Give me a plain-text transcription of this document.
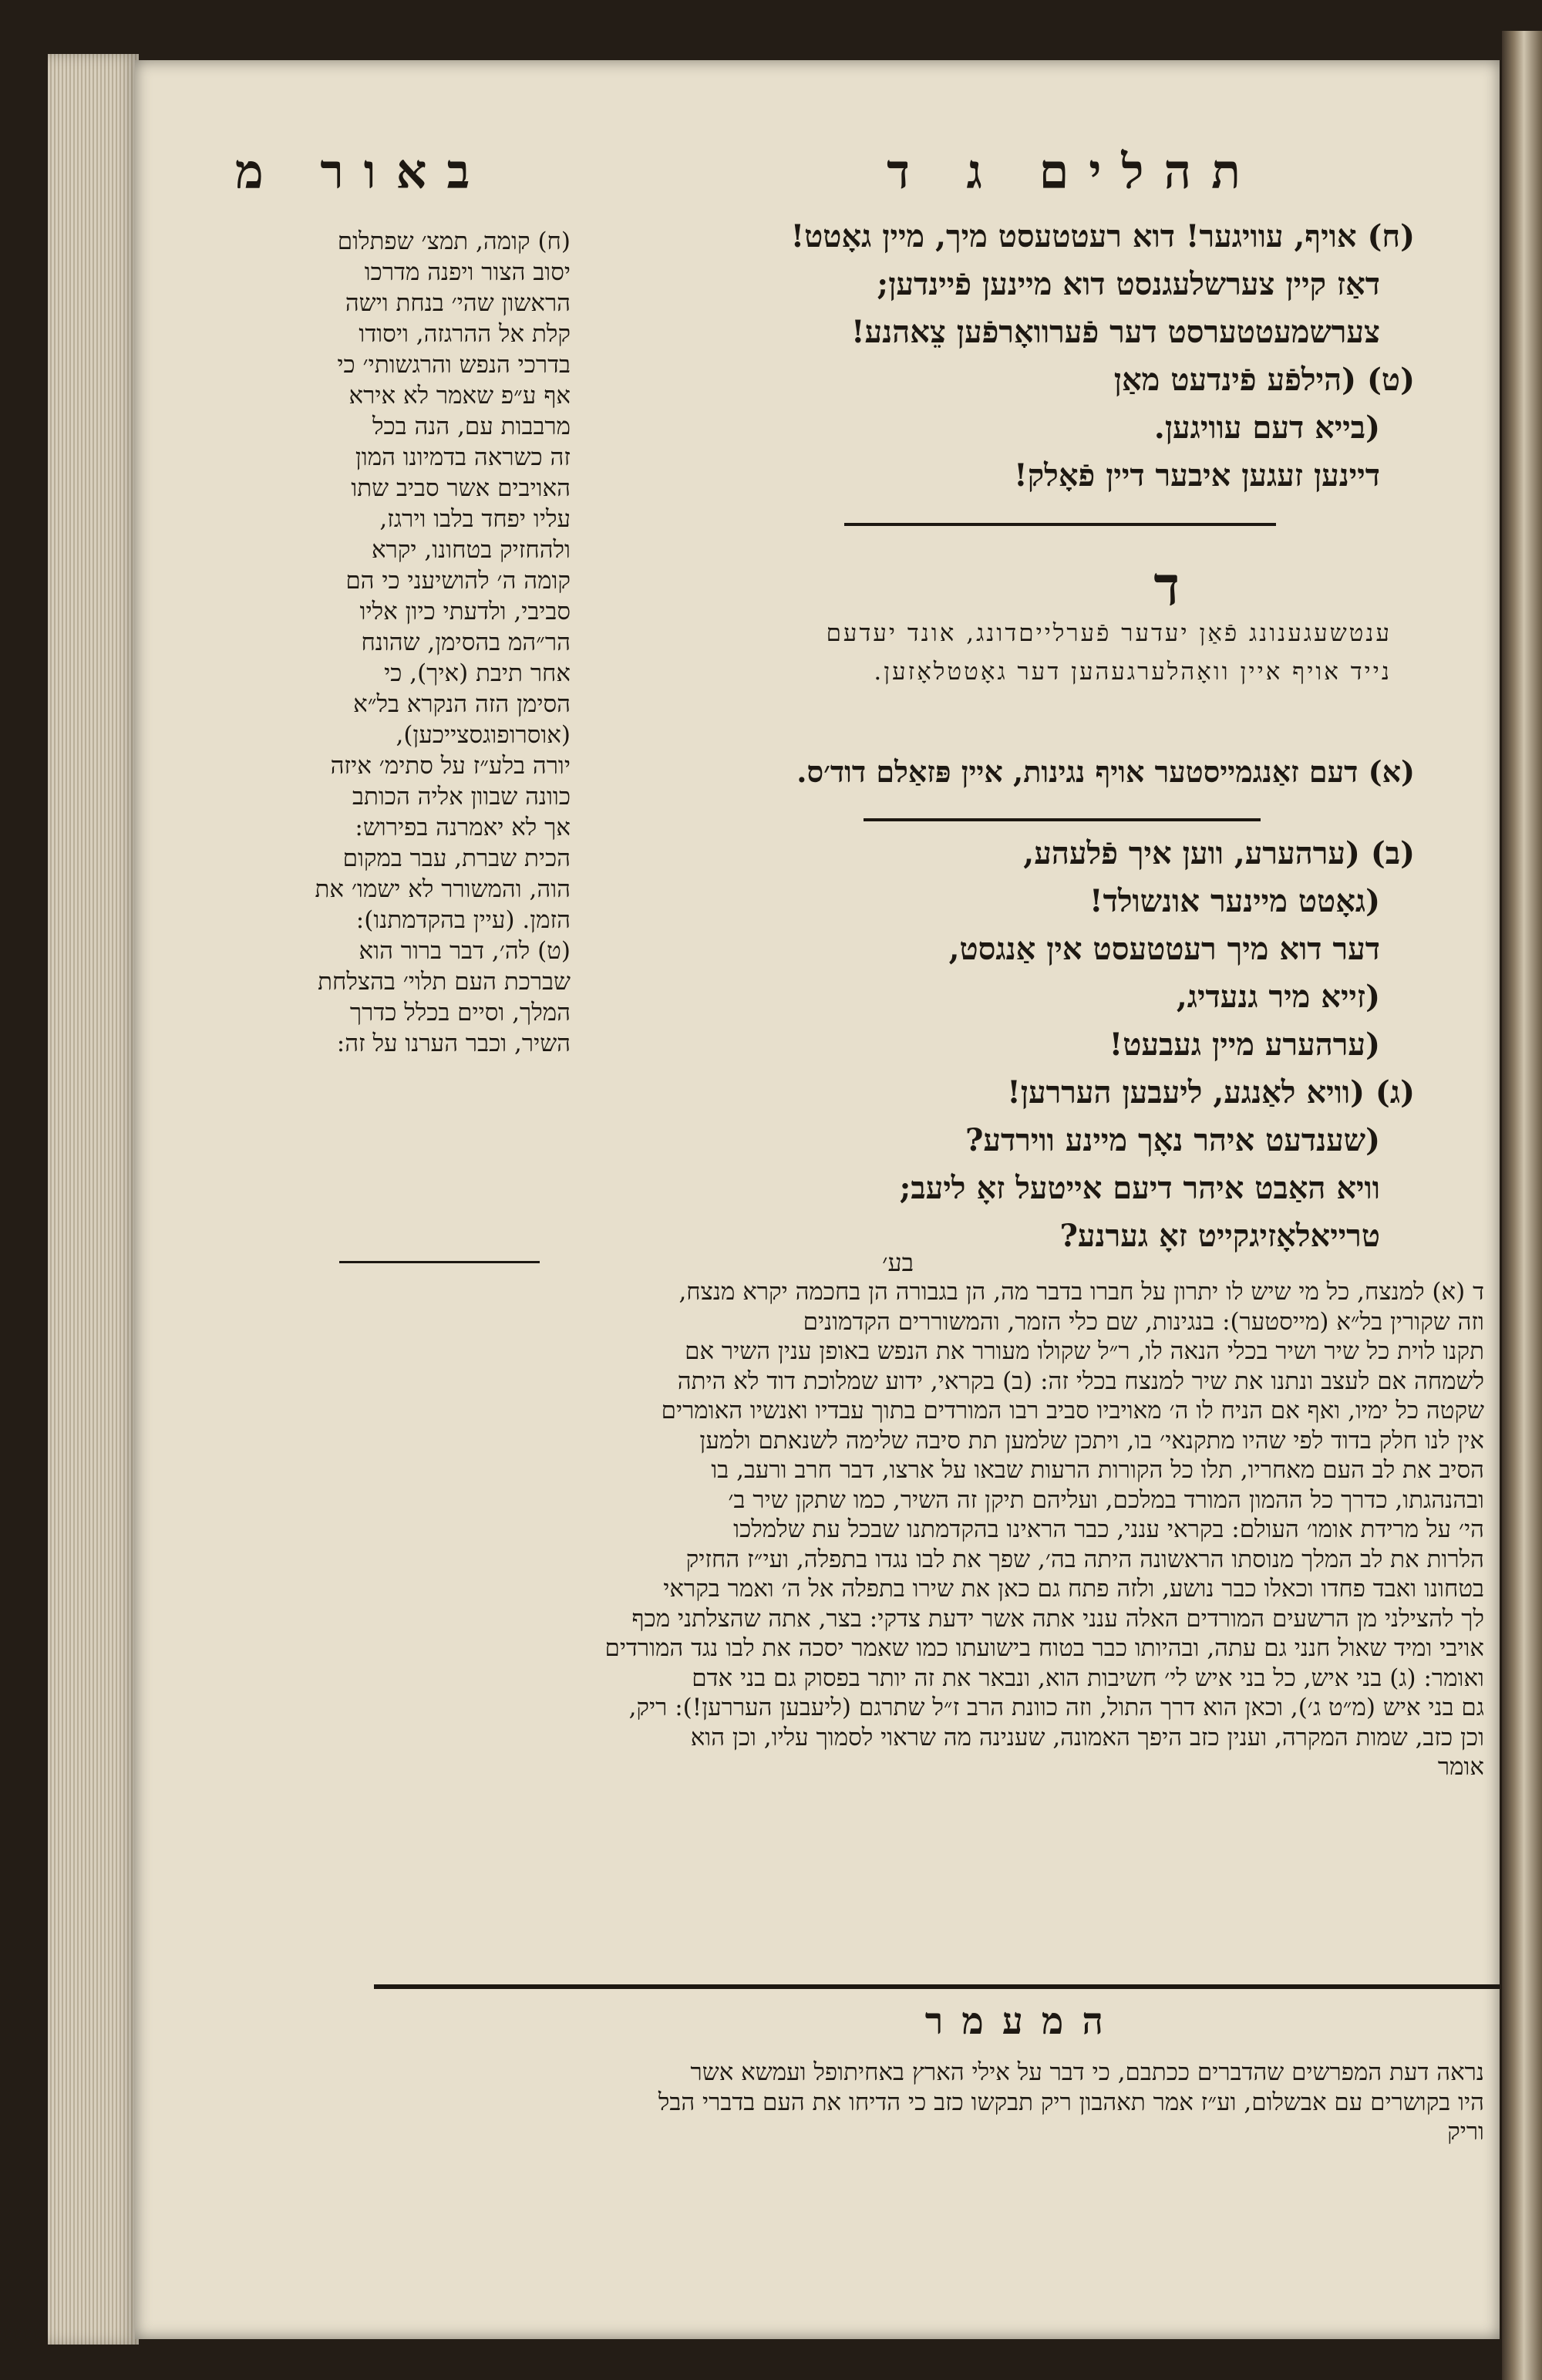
תהלים ג ד
באור מ
(ח) אויף, עוויגער! דוא רעטטעסט מיך, מיין גאָטט!
דאַז קיין צערשלעגנסט דוא מיינען פֿיינדען;
צערשמעטטערסט דער פֿערוואָרפֿען צֵאהנע!
(ט) (הילפֿע פֿינדעט מאַן
(בייא דעם עוויגען.
דיינען זעגען איבער דיין פֿאָלק!
ד
ענטשעגענונג פֿאַן יעדער פֿערלייםדונג, אונד יעדעם
נייד אויף איין וואָהלערגעהען דער גאָטטלאָזען.
(א) דעם זאַנגמייסטער אויף נגינות, איין פּזאַלם דוד׳ס.
(ב) (ערהערע, ווען איך פֿלעהע,
(גאָטט מיינער אונשולד!
דער דוא מיך רעטטעסט אין אַנגסט,
(זייא מיר גנעדיג,
(ערהערע מיין געבעט!
(ג) (וויא לאַנגע, ליעבען העררען!
(שענדעט איהר נאָך מיינע ווירדע?
וויא האַבט איהר דיעם אייטעל זאָ ליעב;
טרייאלאָזיגקייט זאָ גערנע?
בע׳
(ח) קומה, תמצ׳ שפתלום
יסוב הצור ויפנה מדרכו
הראשון שהי׳ בנחת וישה
קלת אל ההרגזה, ויסודו
בדרכי הנפש והרגשותי׳ כי
אף ע״פ שאמר לא אירא
מרבבות עם, הנה בכל
זה כשראה בדמיונו המון
האויבים אשר סביב שתו
עליו יפחד בלבו וירגז,
ולהחזיק בטחונו, יקרא
קומה ה׳ להושיעני כי הם
סביבי, ולדעתי כיון אליו
הר״המ בהסימן, שהונח
אחר תיבת (איך), כי
הסימן הזה הנקרא בל״א
(אוסרופוגסצייכען),
יורה בלע״ז על סתימ׳ איזה
כוונה שבוון אליה הכותב
אך לא יאמרנה בפירוש:
הכית שברת, עבר במקום
הוה, והמשורר לא ישמו׳ את
הזמן. (עיין בהקדמתנו):
(ט) לה׳, דבר ברור הוא
שברכת העם תלוי׳ בהצלחת
המלך, וסיים בכלל כדרך
השיר, וכבר הערנו על זה:
ד (א) למנצח, כל מי שיש לו יתרון על חברו בדבר מה, הן בגבורה הן בחכמה יקרא מנצח,
וזה שקורין בל״א (מייסטער): בנגינות, שם כלי הזמר, והמשוררים הקדמונים
תקנו לוית כל שיר ושיר בכלי הנאה לו, ר״ל שקולו מעורר את הנפש באופן ענין השיר אם
לשמחה אם לעצב ונתנו את שיר למנצח בכלי זה: (ב) בקראי, ידוע שמלוכת דוד לא היתה
שקטה כל ימיו, ואף אם הניח לו ה׳ מאויביו סביב רבו המורדים בתוך עבדיו ואנשיו האומרים
אין לנו חלק בדוד לפי שהיו מתקנאי׳ בו, ויתכן שלמען תת סיבה שלימה לשנאתם ולמען
הסיב את לב העם מאחריו, תלו כל הקורות הרעות שבאו על ארצו, דבר חרב ורעב, בו
ובהנהגתו, כדרך כל ההמון המורד במלכם, ועליהם תיקן זה השיר, כמו שתקן שיר ב׳
הי׳ על מרידת אומו׳ העולם: בקראי ענני, כבר הראינו בהקדמתנו שבכל עת שלמלכו
הלרות את לב המלך מנוסתו הראשונה היתה בה׳, שפך את לבו נגדו בתפלה, ועי״ז החזיק
בטחונו ואבד פחדו וכאלו כבר נושע, ולזה פתח גם כאן את שירו בתפלה אל ה׳ ואמר בקראי
לך להצילני מן הרשעים המורדים האלה ענני אתה אשר ידעת צדקי: בצר, אתה שהצלתני מכף
אויבי ומיד שאול חנני גם עתה, ובהיותו כבר בטוח בישועתו כמו שאמר יסכה את לבו נגד המורדים
ואומר: (ג) בני איש, כל בני איש לי׳ חשיבות הוא, ונבאר את זה יותר בפסוק גם בני אדם
גם בני איש (מ״ט ג׳), וכאן הוא דרך התול, וזה כוונת הרב ז״ל שתרגם (ליעבען העררען!): ריק,
וכן כזב, שמות המקרה, וענין כזב היפך האמונה, שענינה מה שראוי לסמוך עליו, וכן הוא
אומר
המעמר
נראה דעת המפרשים שהדברים ככתבם, כי דבר על אילי הארץ באחיתופל ועמשא אשר
היו בקושרים עם אבשלום, וע״ז אמר תאהבון ריק תבקשו כזב כי הדיחו את העם בדברי הבל
וריק
